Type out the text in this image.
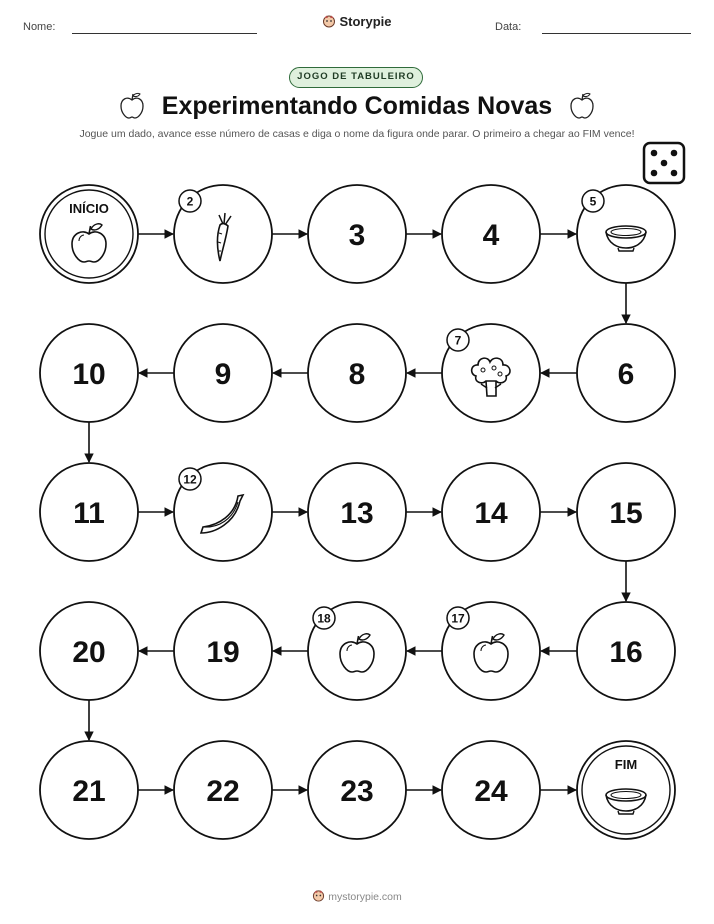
Nome:	Storypie	Data:
JOGO DE TABULEIRO
Experimentando Comidas Novas
Jogue um dado, avance esse número de casas e diga o nome da figura onde parar. O primeiro a chegar ao FIM vence!
INÍCIO	2
3	4
5
6
7
8
9
10
11
12
13	14	15
16
17
18
19
20
21	22	23	24
FIM
mystorypie.com
